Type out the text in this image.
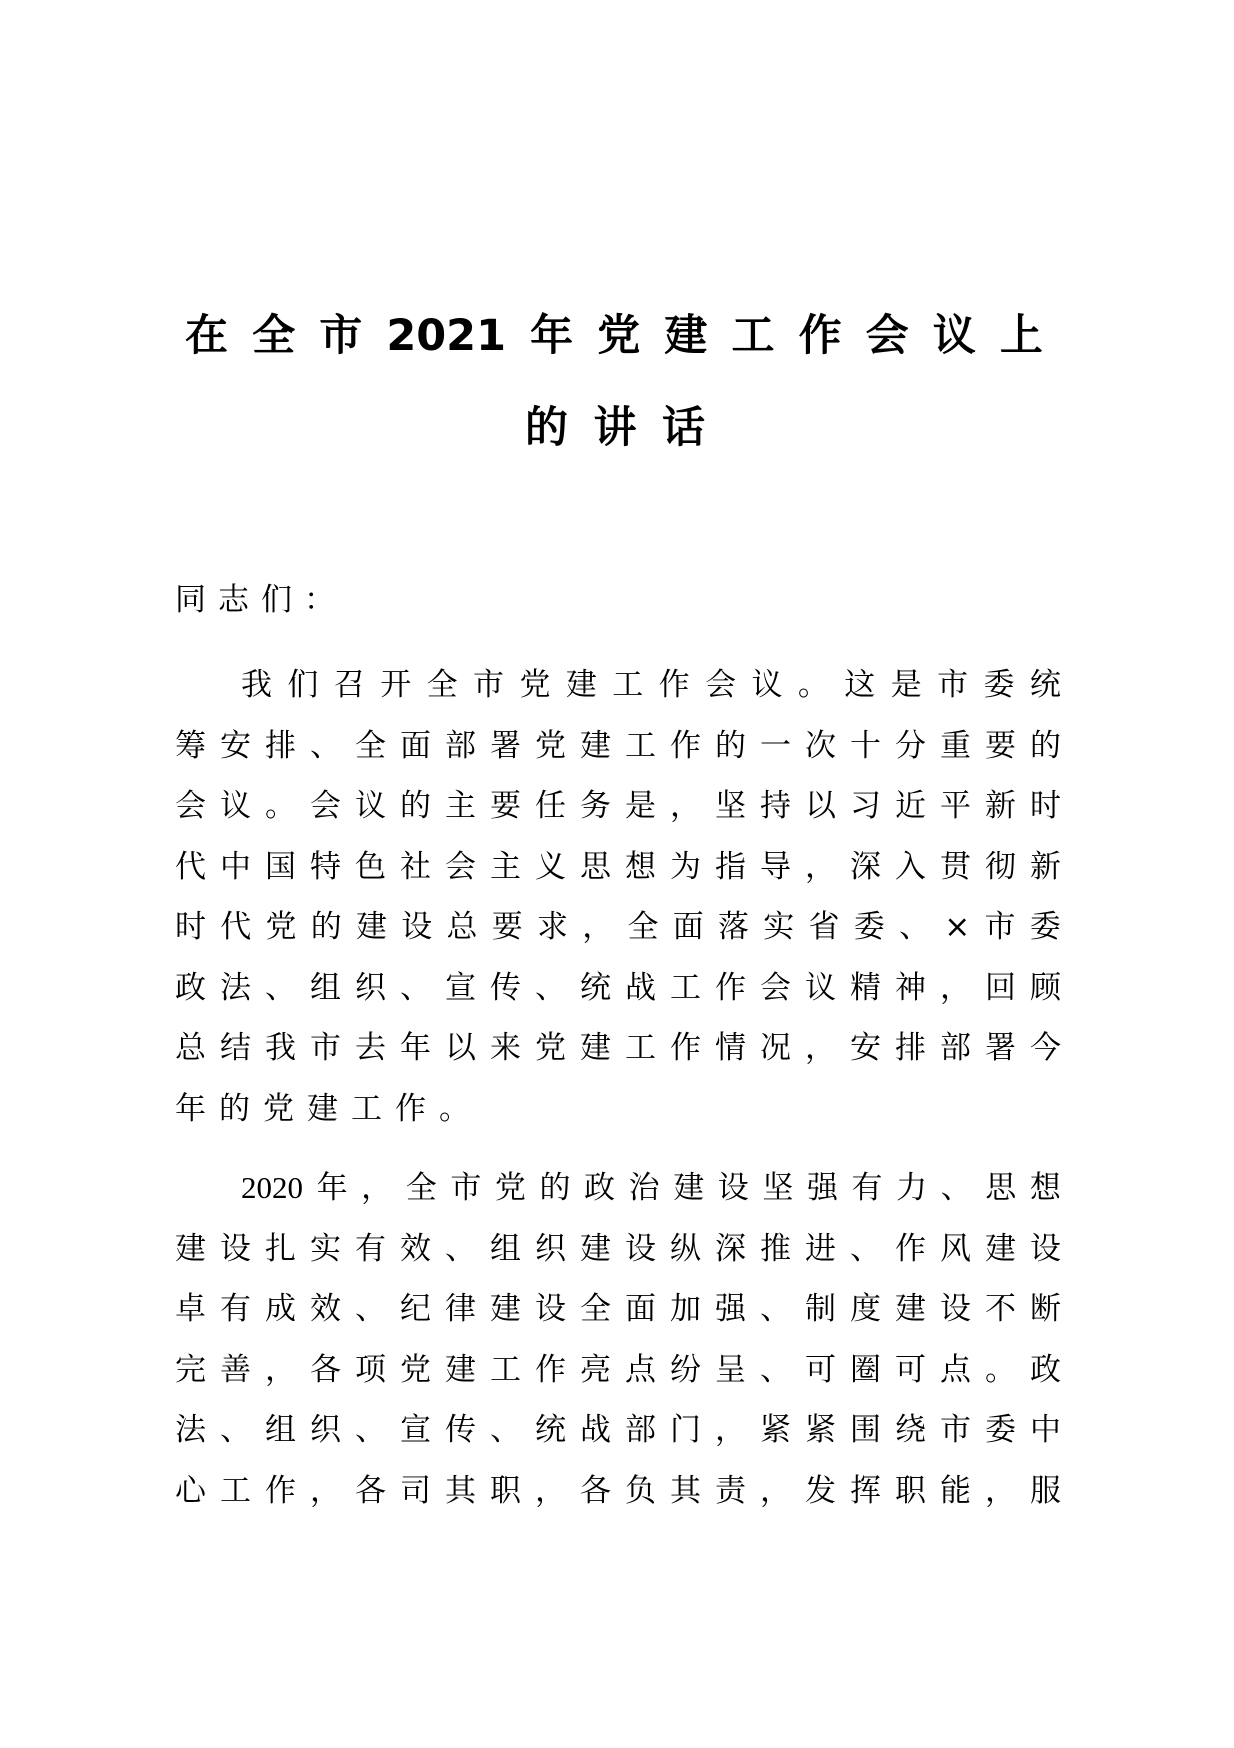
在 全 市 2021 年 党 建 工 作 会 议 上
的 讲 话
同志们：
我 们 召 开 全 市 党 建 工 作 会 议 。 这 是 市 委 统
筹 安 排 、 全 面 部 署 党 建 工 作 的 一 次 十 分 重 要 的
会 议 。 会 议 的 主 要 任 务 是 ， 坚 持 以 习 近 平 新 时
代 中 国 特 色 社 会 主 义 思 想 为 指 导 ， 深 入 贯 彻 新
时 代 党 的 建 设 总 要 求 ， 全 面 落 实 省 委 、 × 市 委
政 法 、 组 织 、 宣 传 、 统 战 工 作 会 议 精 神 ， 回 顾
总 结 我 市 去 年 以 来 党 建 工 作 情 况 ， 安 排 部 署 今
年 的 党 建 工 作 。
2020 年 ， 全 市 党 的 政 治 建 设 坚 强 有 力 、 思 想
建 设 扎 实 有 效 、 组 织 建 设 纵 深 推 进 、 作 风 建 设
卓 有 成 效 、 纪 律 建 设 全 面 加 强 、 制 度 建 设 不 断
完 善 ， 各 项 党 建 工 作 亮 点 纷 呈 、 可 圈 可 点 。 政
法 、 组 织 、 宣 传 、 统 战 部 门 ， 紧 紧 围 绕 市 委 中
心 工 作 ， 各 司 其 职 ， 各 负 其 责 ， 发 挥 职 能 ， 服
